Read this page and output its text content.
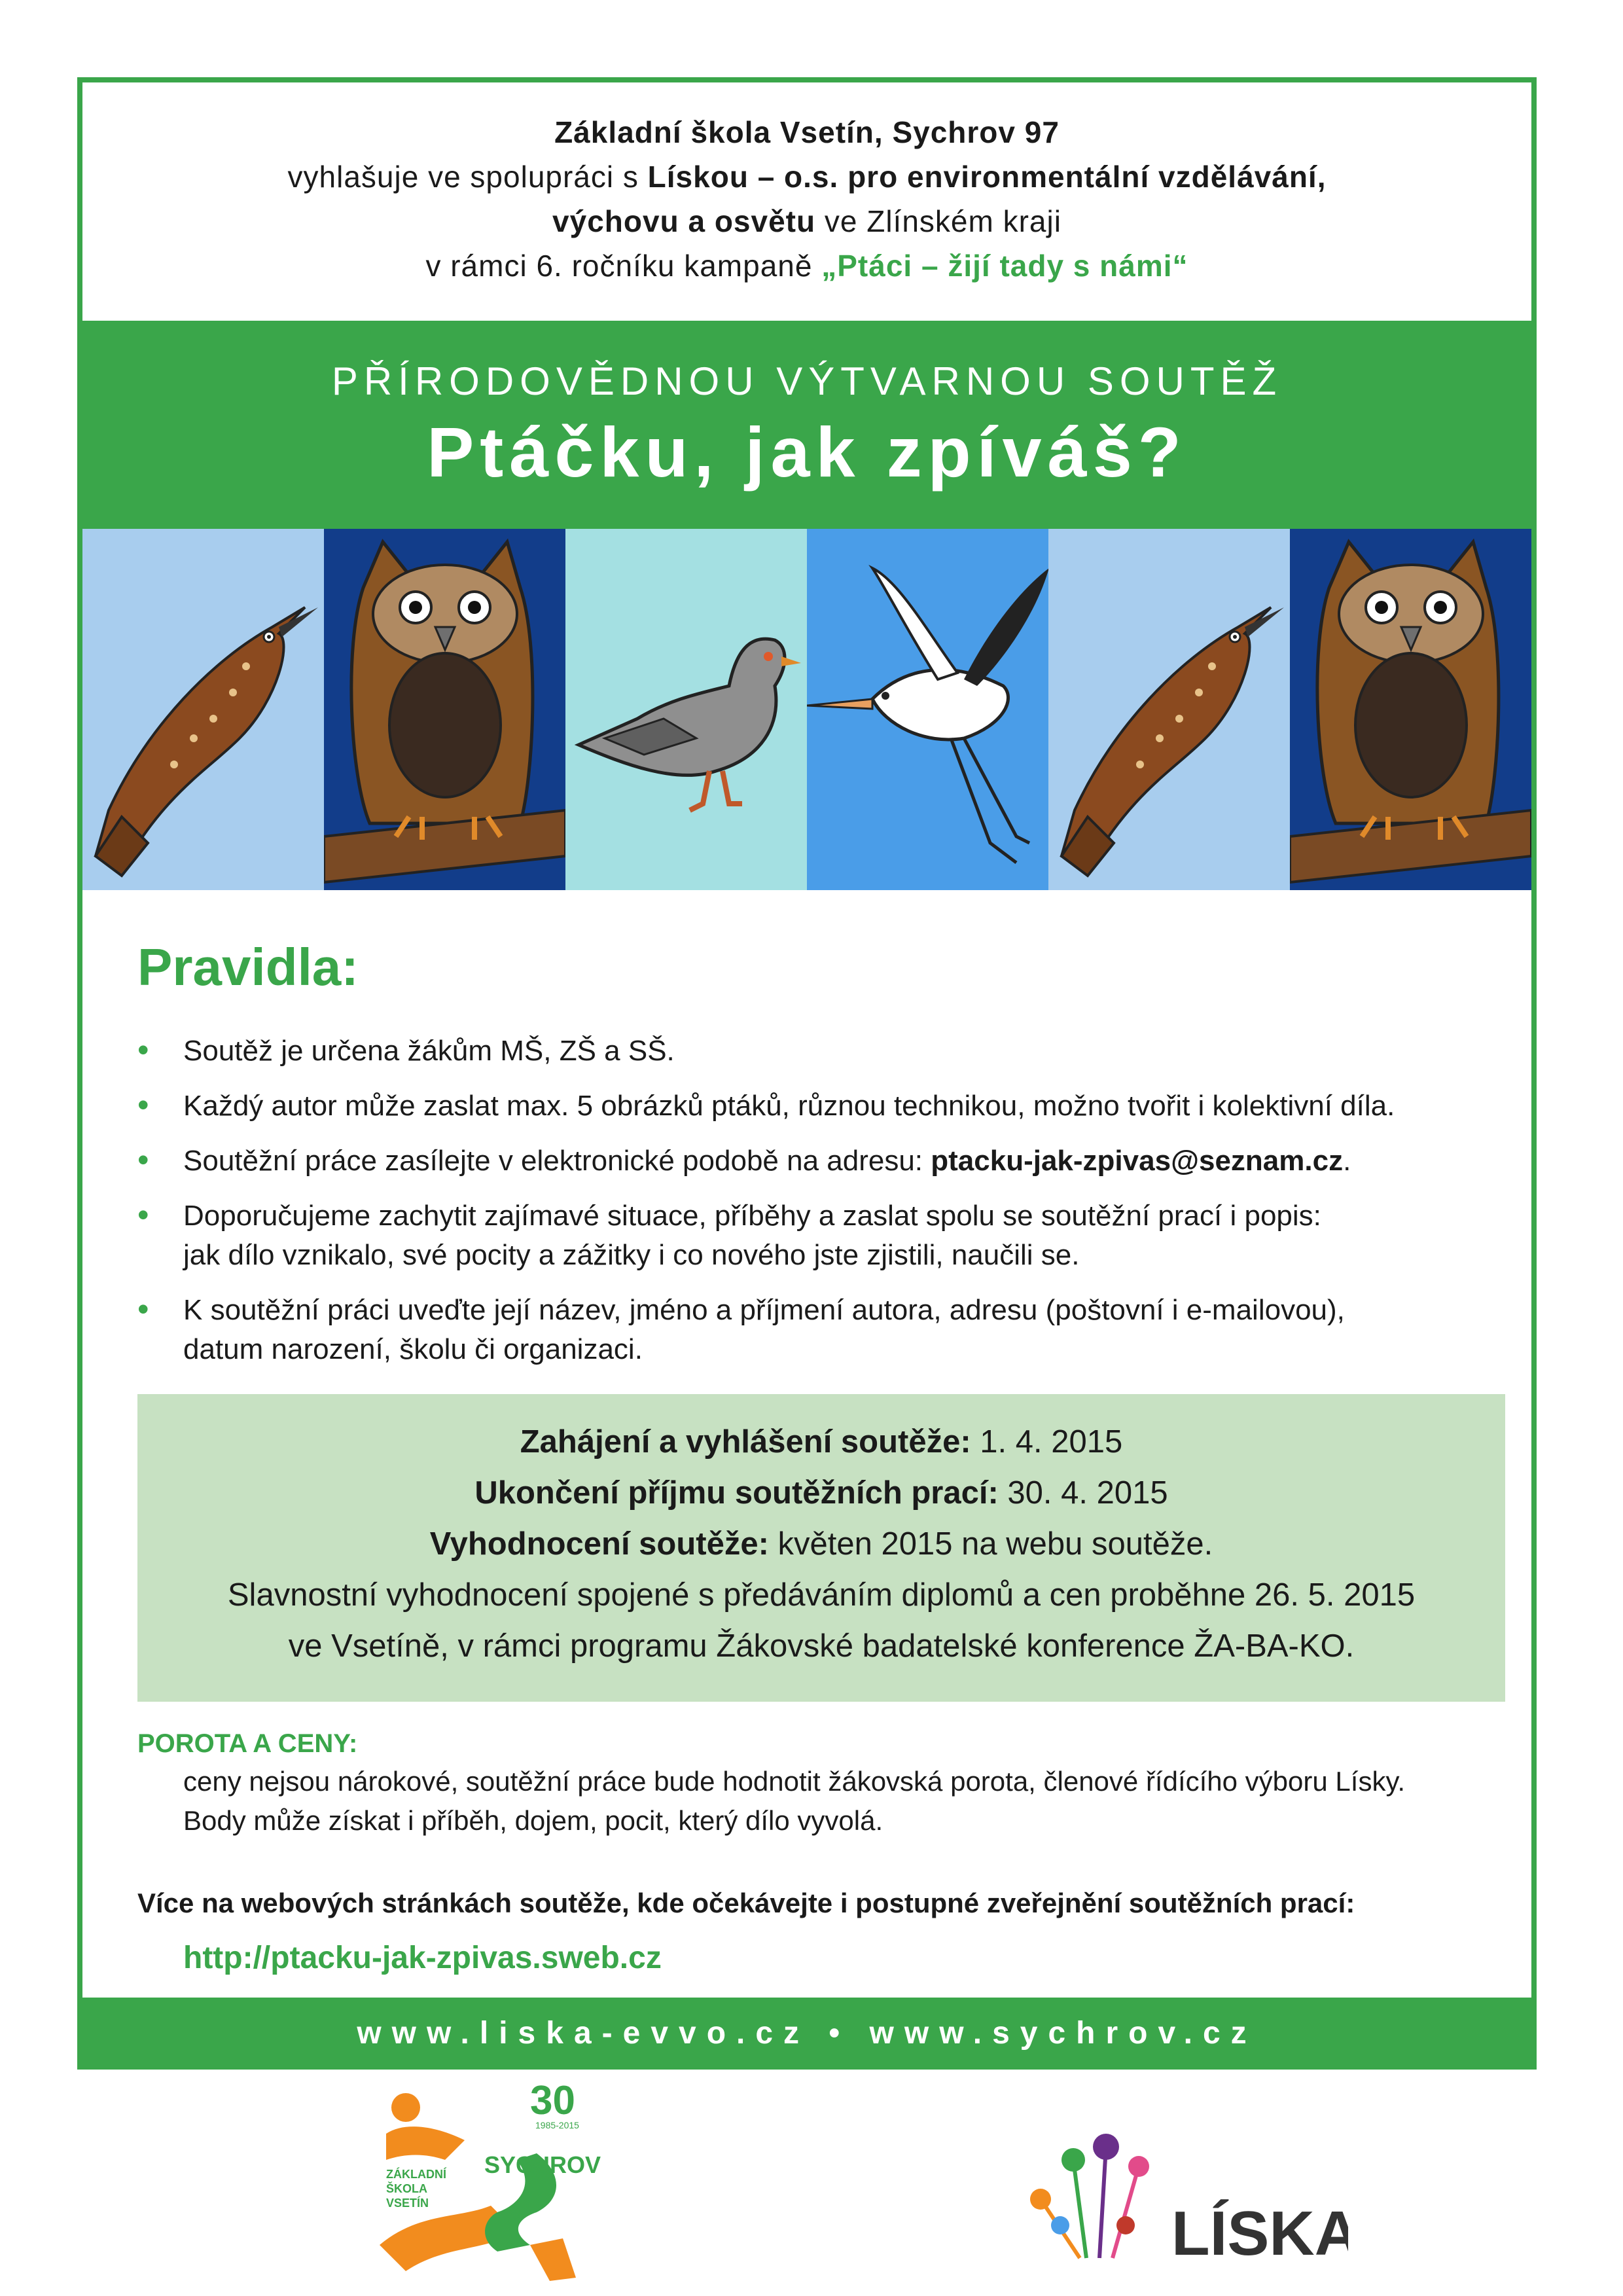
Základní škola Vsetín, Sychrov 97

vyhlašuje ve spolupráci s Lískou – o.s. pro environmentální vzdělávání,

výchovu a osvětu ve Zlínském kraji

v rámci 6. ročníku kampaně „Ptáci – žijí tady s námi“

PŘÍRODOVĚDNOU VÝTVARNOU SOUTĚŽ
Ptáčku, jak zpíváš?
Pravidla:
• Soutěž je určena žákům MŠ, ZŠ a SŠ.
• Každý autor může zaslat max. 5 obrázků ptáků, různou technikou, možno tvořit i kolektivní díla.
• Soutěžní práce zasílejte v elektronické podobě na adresu: ptacku-jak-zpivas@seznam.cz.
• Doporučujeme zachytit zajímavé situace, příběhy a zaslat spolu se soutěžní prací i popis:
jak dílo vznikalo, své pocity a zážitky i co nového jste zjistili, naučili se.
• K soutěžní práci uveďte její název, jméno a příjmení autora, adresu (poštovní i e-mailovou),
datum narození, školu či organizaci.

Zahájení a vyhlášení soutěže: 1. 4. 2015

Ukončení příjmu soutěžních prací: 30. 4. 2015

Vyhodnocení soutěže: květen 2015 na webu soutěže.

Slavnostní vyhodnocení spojené s předáváním diplomů a cen proběhne 26. 5. 2015

ve Vsetíně, v rámci programu Žákovské badatelské konference ŽA-BA-KO.

POROTA A CENY:

ceny nejsou nárokové, soutěžní práce bude hodnotit žákovská porota, členové řídícího výboru Lísky.

Body může získat i příběh, dojem, pocit, který dílo vyvolá.

Více na webových stránkách soutěže, kde očekávejte i postupné zveřejnění soutěžních prací:
http://ptacku-jak-zpivas.sweb.cz
www.liska-evvo.cz • www.sychrov.cz
30
1985-2015
ZÁKLADNÍ
ŠKOLA
VSETÍN
SYCHROV
LÍSKA
